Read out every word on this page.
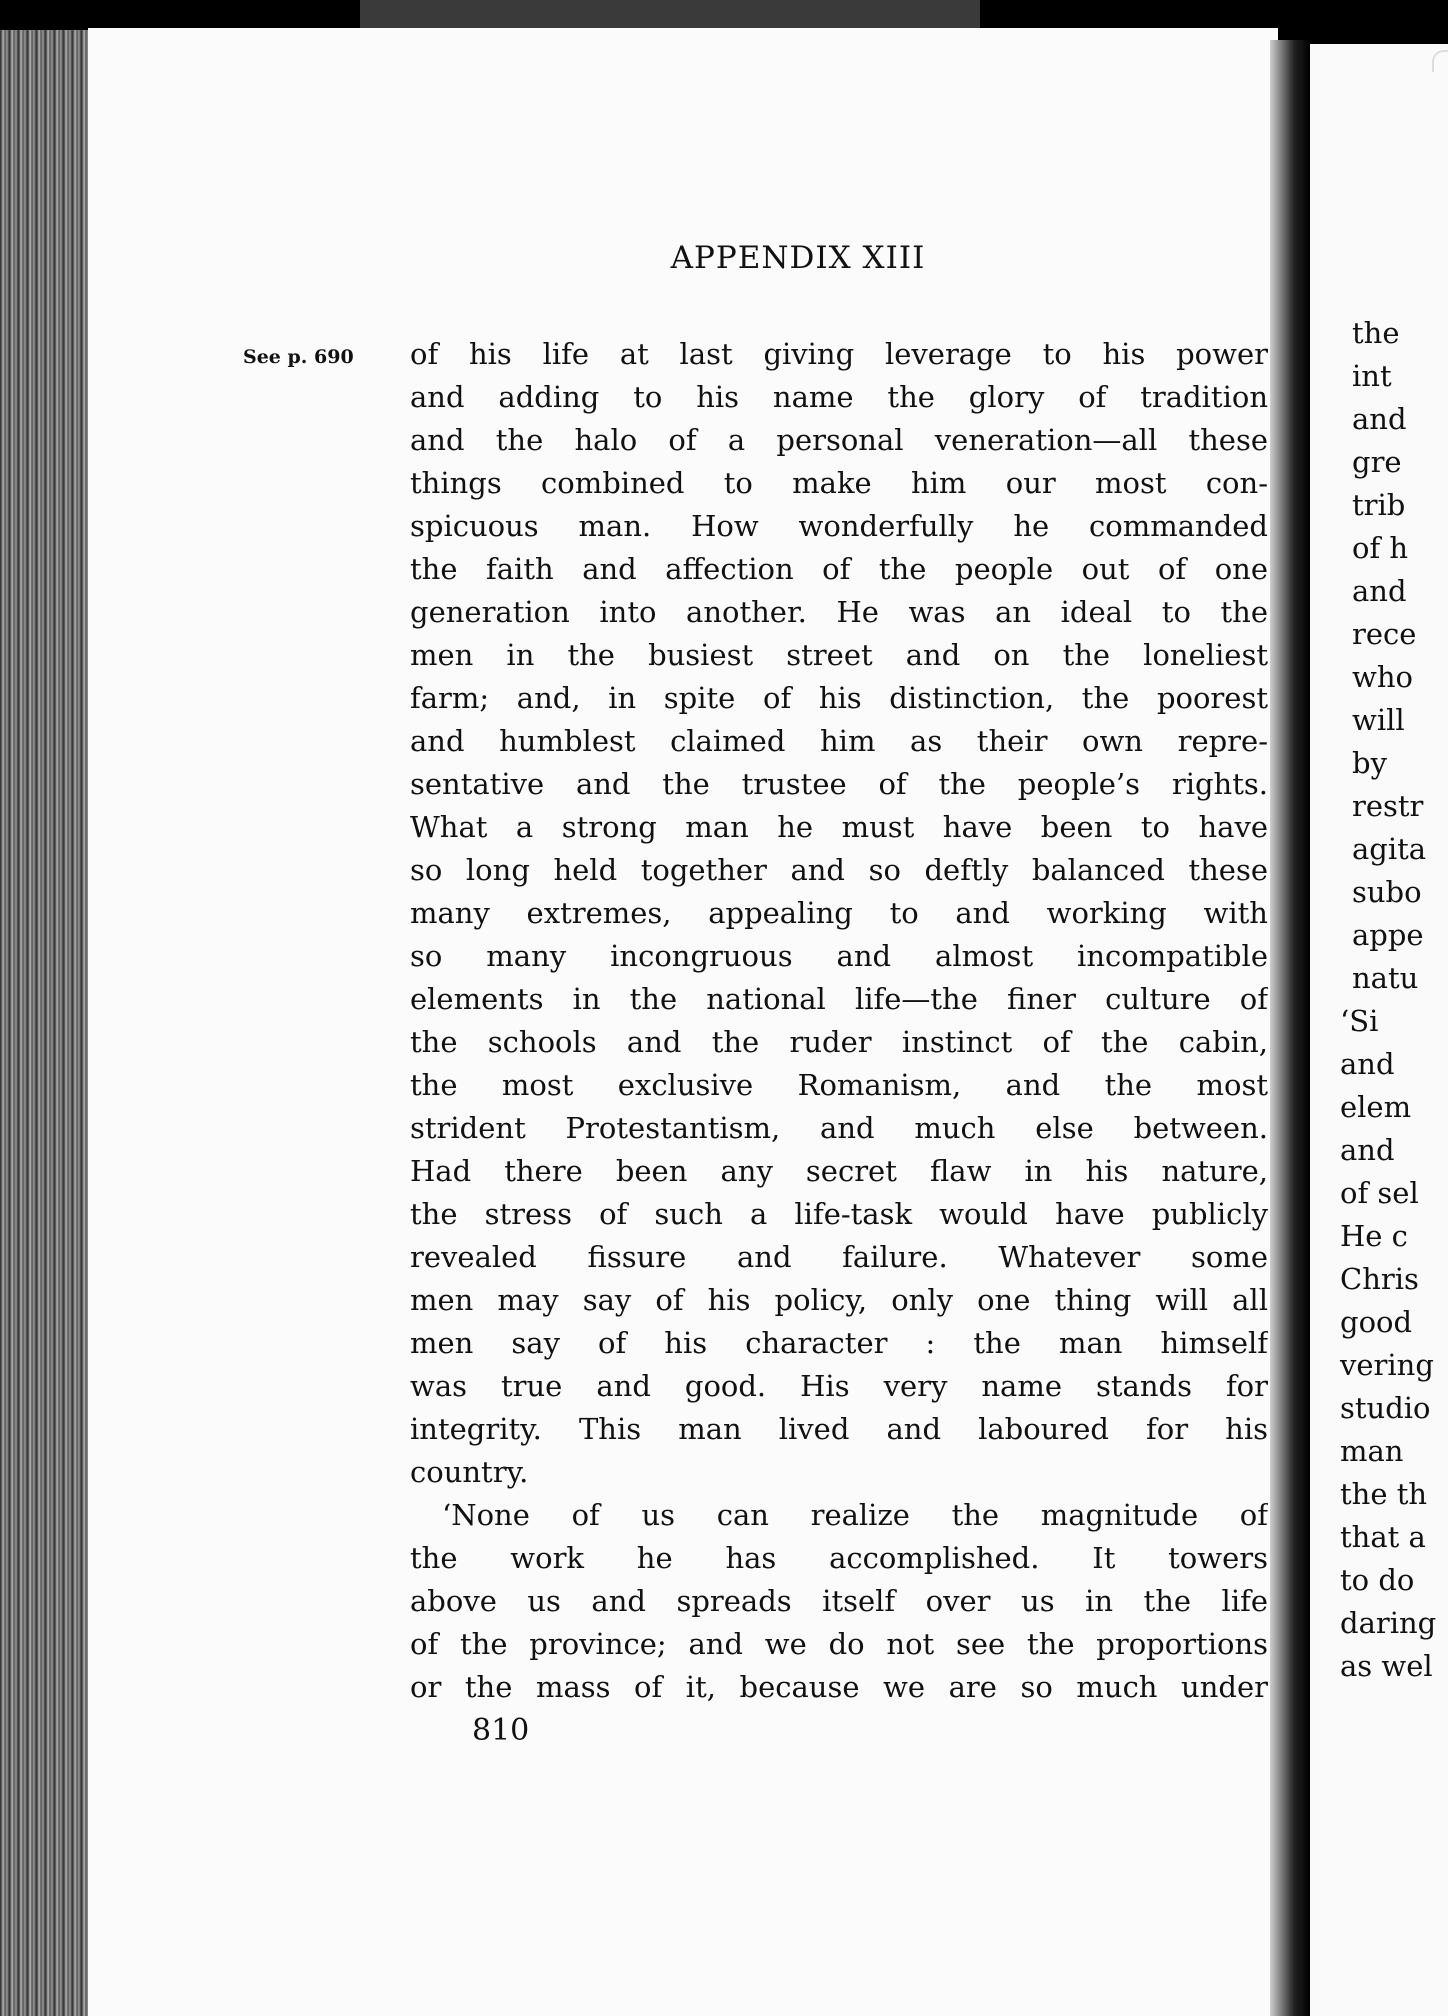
APPENDIX XIII
See p. 690 of his life at last giving leverage to his power
and adding to his name the glory of tradition
and the halo of a personal veneration—all these
things combined to make him our most con-
spicuous man. How wonderfully he commanded
the faith and affection of the people out of one
generation into another. He was an ideal to the
men in the busiest street and on the loneliest
farm; and, in spite of his distinction, the poorest
and humblest claimed him as their own repre-
sentative and the trustee of the people’s rights.
What a strong man he must have been to have
so long held together and so deftly balanced these
many extremes, appealing to and working with
so many incongruous and almost incompatible
elements in the national life—the finer culture of
the schools and the ruder instinct of the cabin,
the most exclusive Romanism, and the most
strident Protestantism, and much else between.
Had there been any secret flaw in his nature,
the stress of such a life-task would have publicly
revealed fissure and failure. Whatever some
men may say of his policy, only one thing will all
men say of his character : the man himself
was true and good. His very name stands for
integrity. This man lived and laboured for his
country.
‘None of us can realize the magnitude of
the work he has accomplished. It towers
above us and spreads itself over us in the life
of the province; and we do not see the proportions
or the mass of it, because we are so much under
810
the
int
and
gre
trib
of h
and
rece
who
will
by
restr
agita
subo
appe
natu
‘Si
and
elem
and
of sel
He c
Chris
good
vering
studio
man
the th
that a
to do
daring
as wel
